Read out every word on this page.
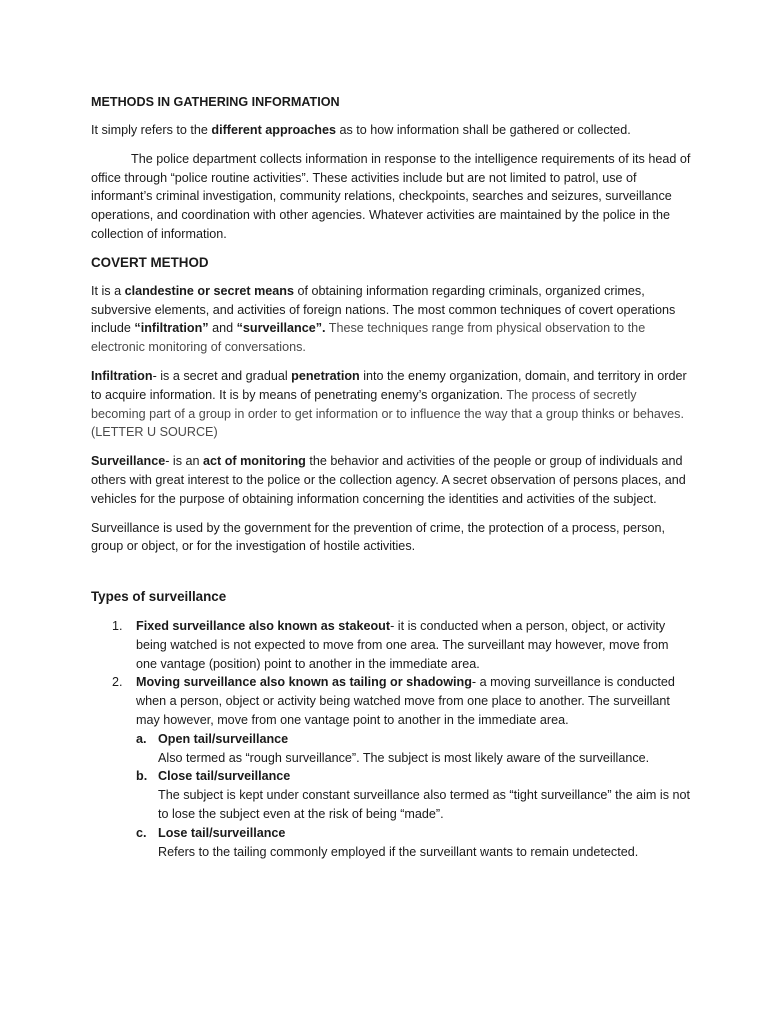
METHODS IN GATHERING INFORMATION

It simply refers to the different approaches as to how information shall be gathered or collected.

The police department collects information in response to the intelligence requirements of its head of office through “police routine activities”. These activities include but are not limited to patrol, use of informant’s criminal investigation, community relations, checkpoints, searches and seizures, surveillance operations, and coordination with other agencies. Whatever activities are maintained by the police in the collection of information.

COVERT METHOD

It is a clandestine or secret means of obtaining information regarding criminals, organized crimes, subversive elements, and activities of foreign nations. The most common techniques of covert operations include “infiltration” and “surveillance”. These techniques range from physical observation to the electronic monitoring of conversations.

Infiltration- is a secret and gradual penetration into the enemy organization, domain, and territory in order to acquire information. It is by means of penetrating enemy’s organization. The process of secretly becoming part of a group in order to get information or to influence the way that a group thinks or behaves. (LETTER U SOURCE)

Surveillance- is an act of monitoring the behavior and activities of the people or group of individuals and others with great interest to the police or the collection agency. A secret observation of persons places, and vehicles for the purpose of obtaining information concerning the identities and activities of the subject.

Surveillance is used by the government for the prevention of crime, the protection of a process, person, group or object, or for the investigation of hostile activities.

Types of surveillance
1. Fixed surveillance also known as stakeout- it is conducted when a person, object, or activity being watched is not expected to move from one area. The surveillant may however, move from one vantage (position) point to another in the immediate area.
2. Moving surveillance also known as tailing or shadowing- a moving surveillance is conducted when a person, object or activity being watched move from one place to another. The surveillant may however, move from one vantage point to another in the immediate area.
a. Open tail/surveillance
Also termed as “rough surveillance”. The subject is most likely aware of the surveillance.
b. Close tail/surveillance
The subject is kept under constant surveillance also termed as “tight surveillance” the aim is not to lose the subject even at the risk of being “made”.
c. Lose tail/surveillance
Refers to the tailing commonly employed if the surveillant wants to remain undetected.
